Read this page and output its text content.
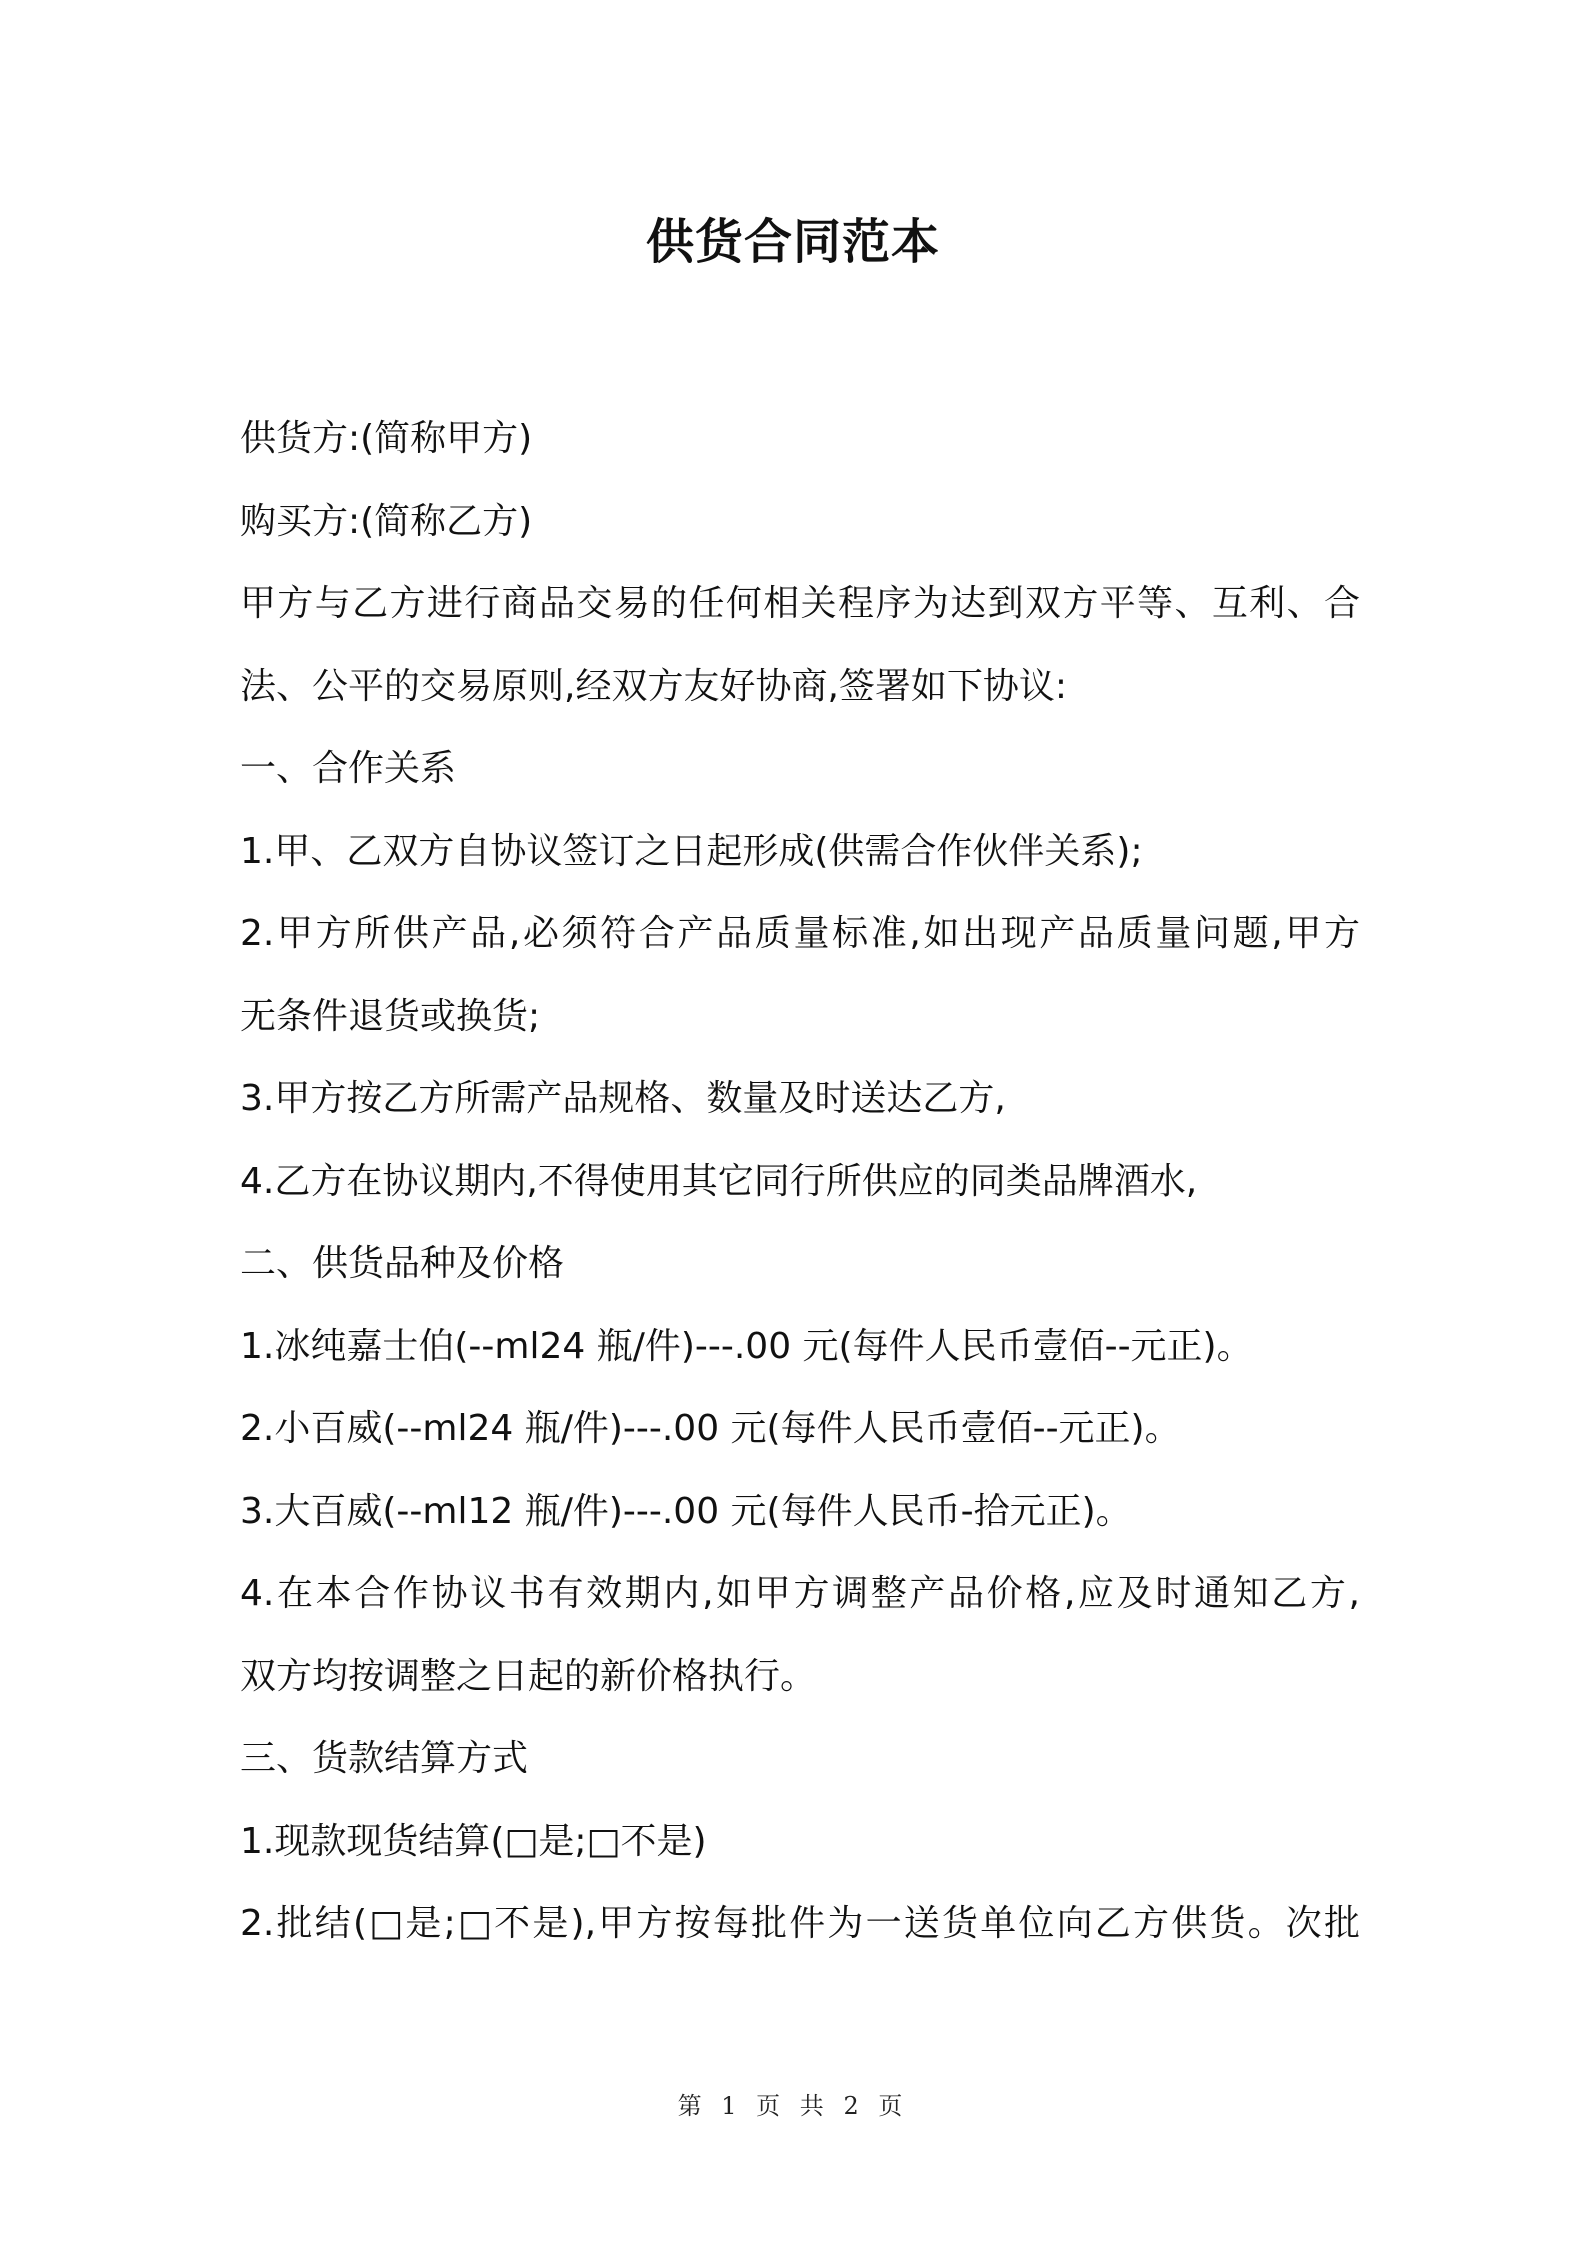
供货合同范本
供货方:(简称甲方)
购买方:(简称乙方)
甲方与乙方进行商品交易的任何相关程序为达到双方平等、互利、合
法、公平的交易原则,经双方友好协商,签署如下协议:
一、合作关系
1.甲、乙双方自协议签订之日起形成(供需合作伙伴关系);
2.甲方所供产品,必须符合产品质量标准,如出现产品质量问题,甲方
无条件退货或换货;
3.甲方按乙方所需产品规格、数量及时送达乙方,
4.乙方在协议期内,不得使用其它同行所供应的同类品牌酒水,
二、供货品种及价格
1.冰纯嘉士伯(--ml24 瓶/件)---.00 元(每件人民币壹佰--元正)。
2.小百威(--ml24 瓶/件)---.00 元(每件人民币壹佰--元正)。
3.大百威(--ml12 瓶/件)---.00 元(每件人民币-拾元正)。
4.在本合作协议书有效期内,如甲方调整产品价格,应及时通知乙方,
双方均按调整之日起的新价格执行。
三、货款结算方式
1.现款现货结算(□是;□不是)
2.批结(□是;□不是),甲方按每批件为一送货单位向乙方供货。次批
第 1 页 共 2 页
